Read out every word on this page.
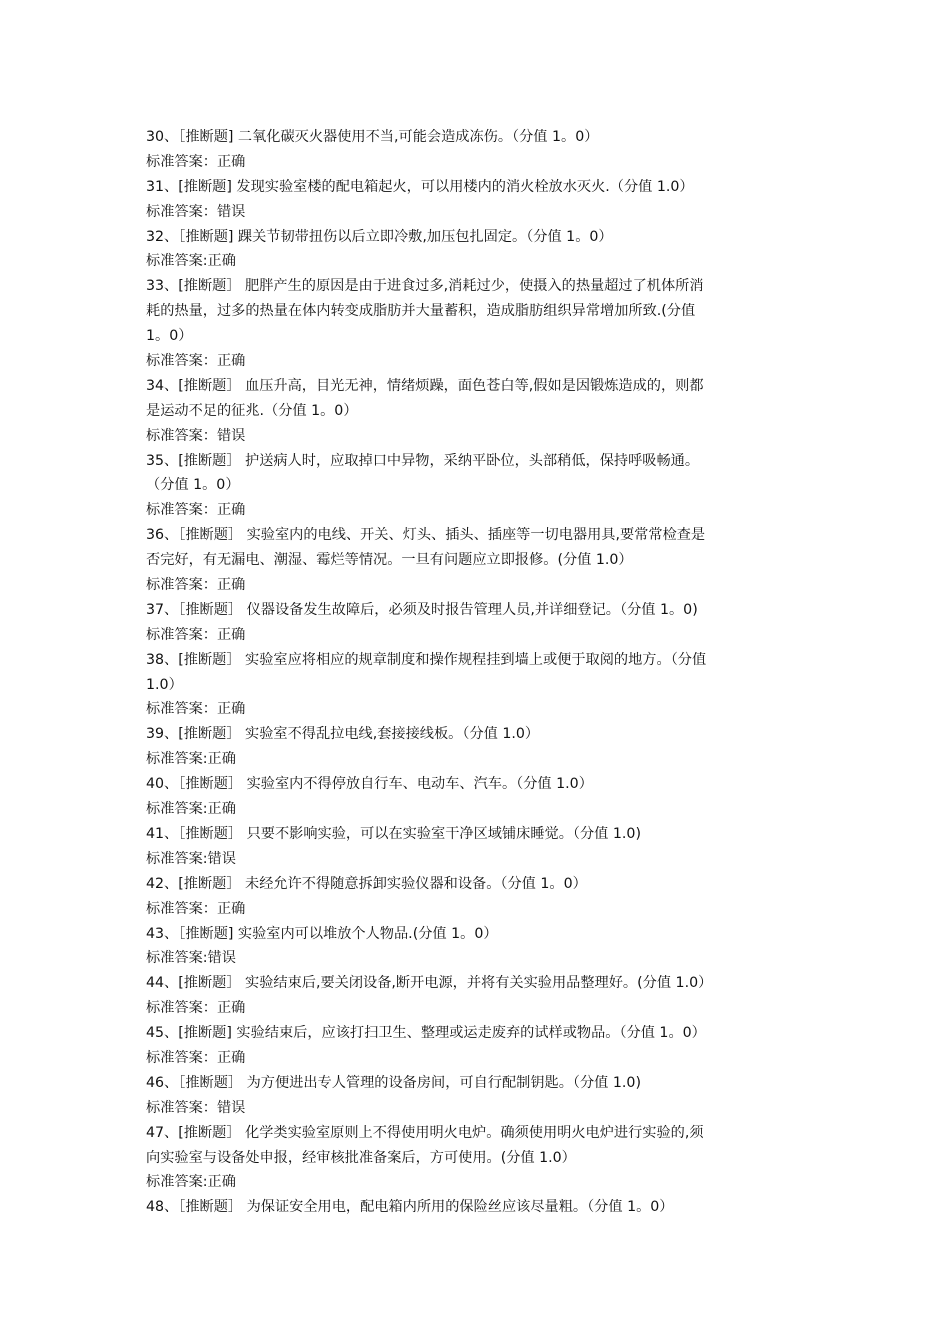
30、［推断题] 二氧化碳灭火器使用不当,可能会造成冻伤。（分值 1。0）
标准答案：正确
31、[推断题] 发现实验室楼的配电箱起火，可以用楼内的消火栓放水灭火.（分值 1.0）
标准答案：错误
32、［推断题] 踝关节韧带扭伤以后立即冷敷,加压包扎固定。（分值 1。0）
标准答案:正确
33、[推断题］ 肥胖产生的原因是由于进食过多,消耗过少，使摄入的热量超过了机体所消
耗的热量，过多的热量在体内转变成脂肪并大量蓄积，造成脂肪组织异常增加所致.(分值
1。0）
标准答案：正确
34、[推断题］ 血压升高，目光无神，情绪烦躁，面色苍白等,假如是因锻炼造成的，则都
是运动不足的征兆.（分值 1。0）
标准答案：错误
35、[推断题］ 护送病人时，应取掉口中异物，采纳平卧位，头部稍低，保持呼吸畅通。
（分值 1。0）
标准答案：正确
36、［推断题］ 实验室内的电线、开关、灯头、插头、插座等一切电器用具,要常常检查是
否完好，有无漏电、潮湿、霉烂等情况。一旦有问题应立即报修。(分值 1.0）
标准答案：正确
37、［推断题］ 仪器设备发生故障后，必须及时报告管理人员,并详细登记。（分值 1。0)
标准答案：正确
38、[推断题］ 实验室应将相应的规章制度和操作规程挂到墙上或便于取阅的地方。（分值
1.0）
标准答案：正确
39、[推断题］ 实验室不得乱拉电线,套接接线板。（分值 1.0）
标准答案:正确
40、［推断题］ 实验室内不得停放自行车、电动车、汽车。（分值 1.0）
标准答案:正确
41、［推断题］ 只要不影响实验，可以在实验室干净区域铺床睡觉。（分值 1.0)
标准答案:错误
42、[推断题］ 未经允许不得随意拆卸实验仪器和设备。（分值 1。0）
标准答案：正确
43、［推断题] 实验室内可以堆放个人物品.(分值 1。0）
标准答案:错误
44、[推断题］ 实验结束后,要关闭设备,断开电源，并将有关实验用品整理好。(分值 1.0）
标准答案：正确
45、[推断题] 实验结束后，应该打扫卫生、整理或运走废弃的试样或物品。（分值 1。0）
标准答案：正确
46、［推断题］ 为方便进出专人管理的设备房间，可自行配制钥匙。（分值 1.0)
标准答案：错误
47、[推断题］ 化学类实验室原则上不得使用明火电炉。确须使用明火电炉进行实验的,须
向实验室与设备处申报，经审核批准备案后，方可使用。(分值 1.0）
标准答案:正确
48、［推断题］ 为保证安全用电，配电箱内所用的保险丝应该尽量粗。（分值 1。0）
